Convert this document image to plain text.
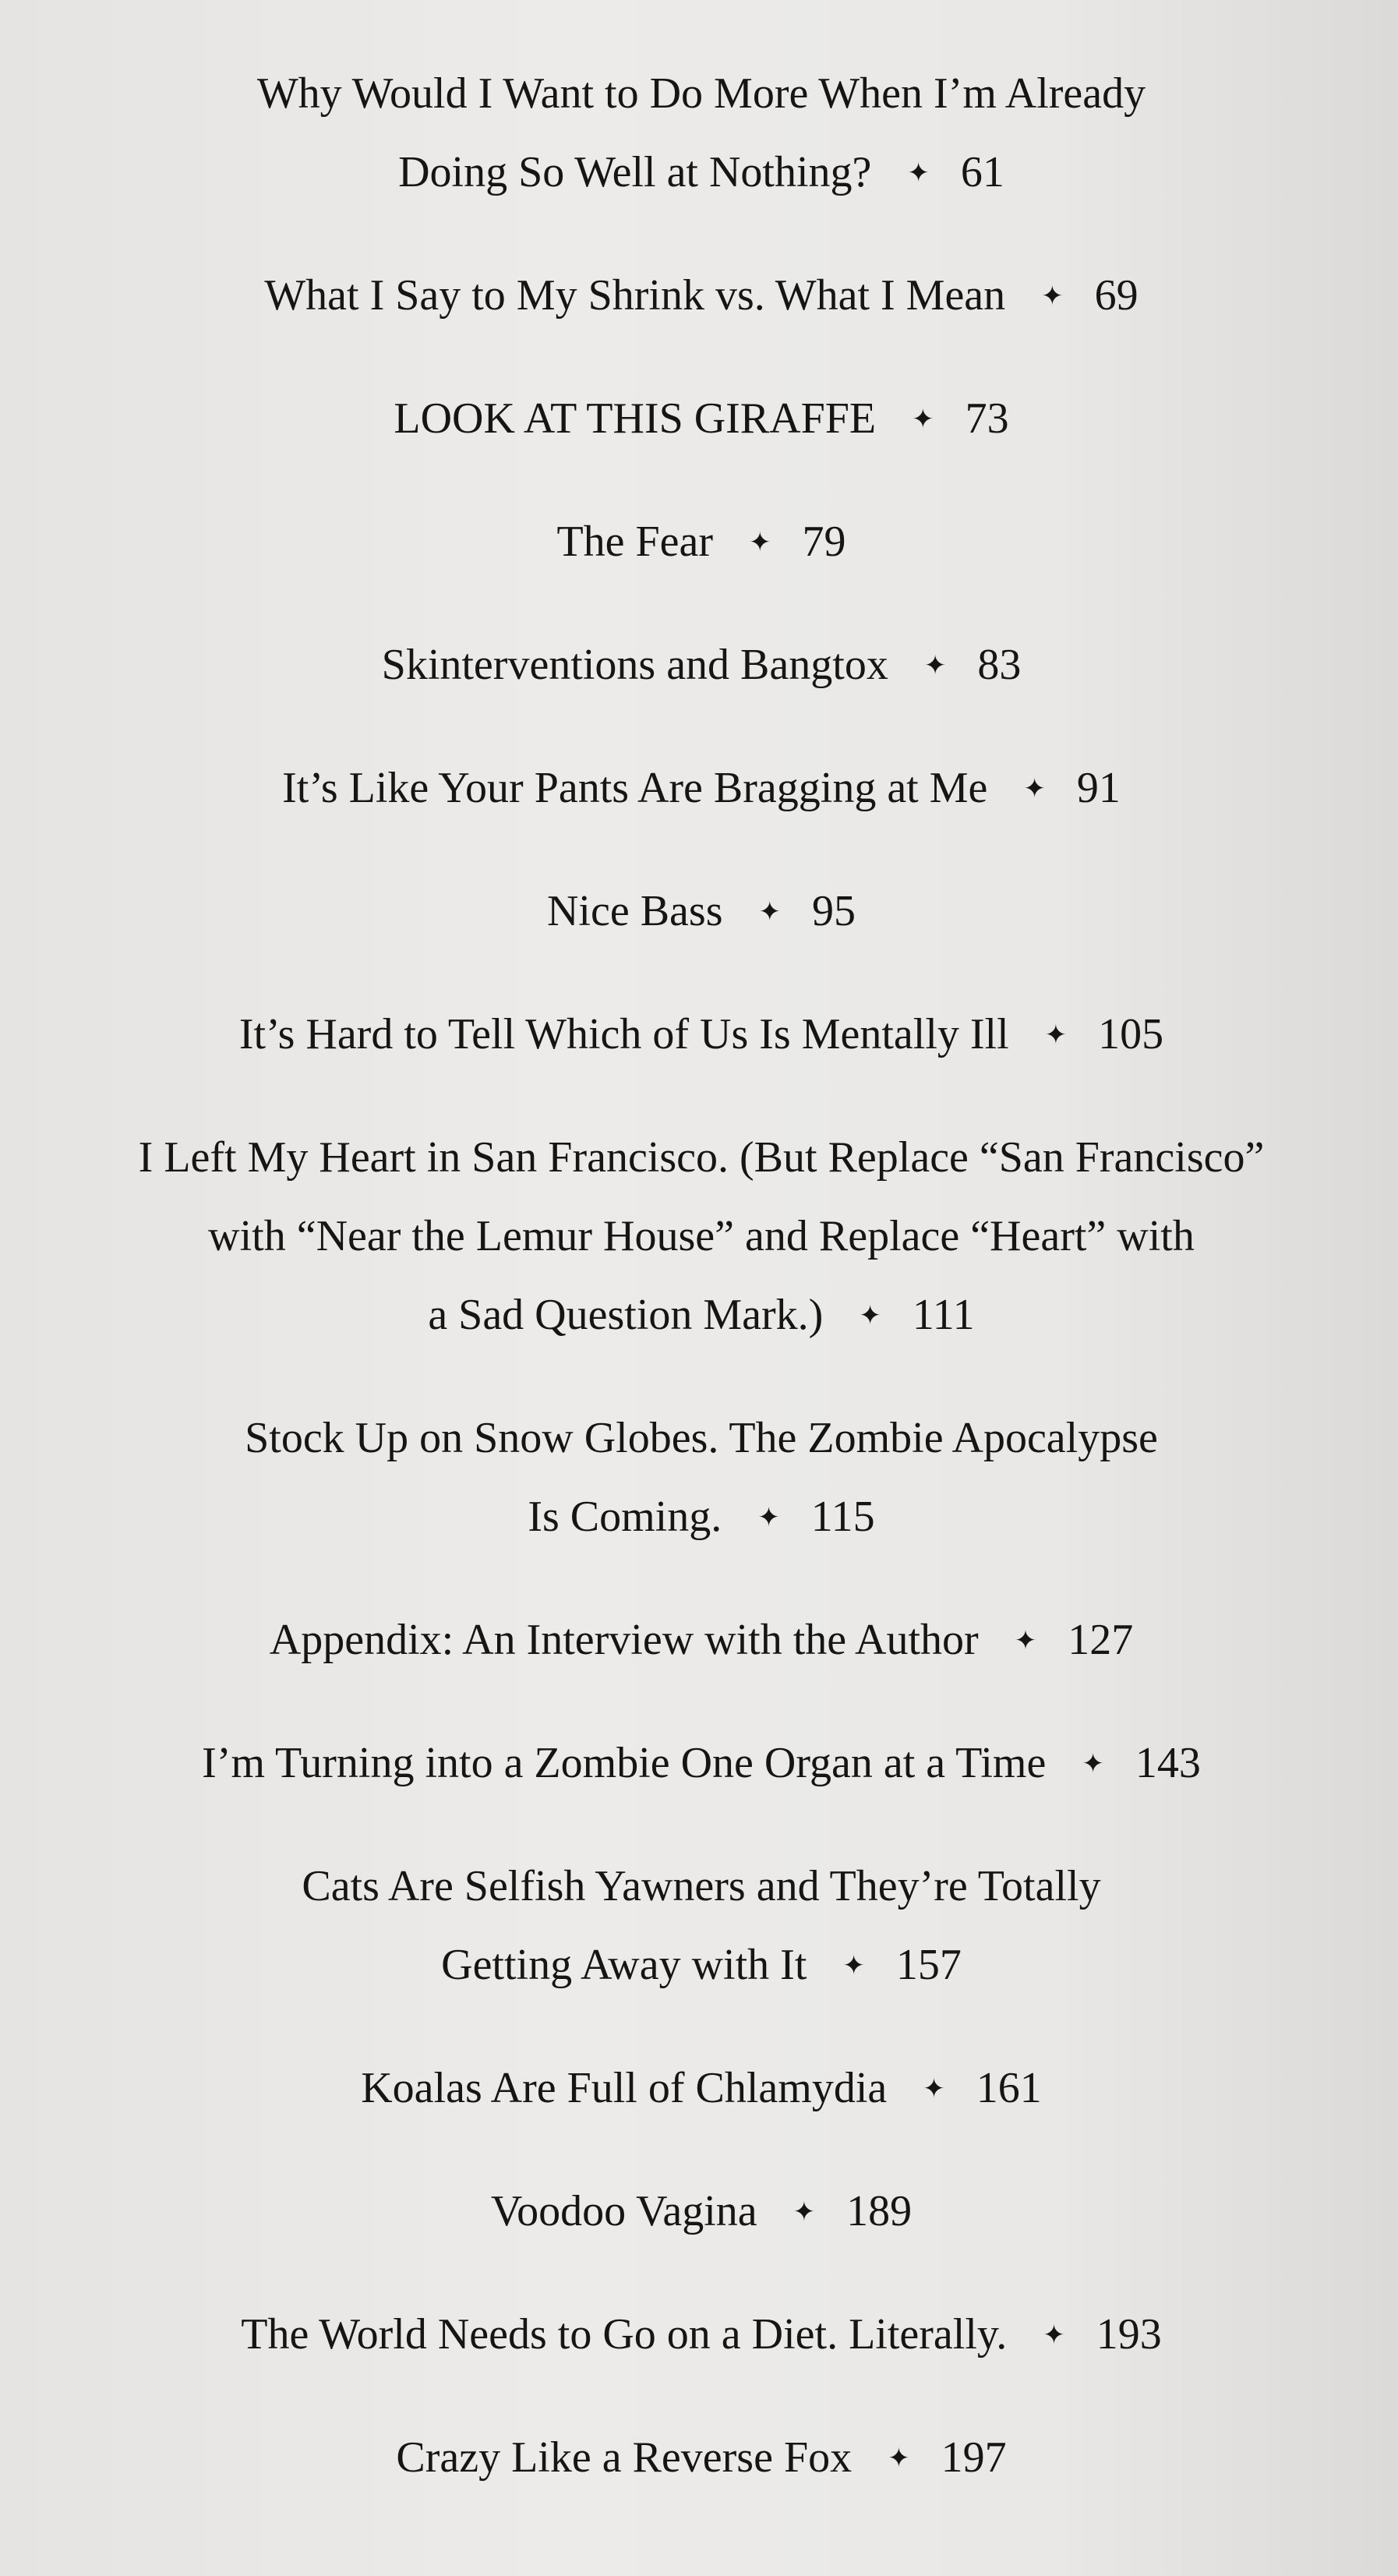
Why Would I Want to Do More When I’m Already
Doing So Well at Nothing? ✦ 61
What I Say to My Shrink vs. What I Mean ✦ 69
LOOK AT THIS GIRAFFE ✦ 73
The Fear ✦ 79
Skinterventions and Bangtox ✦ 83
It’s Like Your Pants Are Bragging at Me ✦ 91
Nice Bass ✦ 95
It’s Hard to Tell Which of Us Is Mentally Ill ✦ 105
I Left My Heart in San Francisco. (But Replace “San Francisco”
with “Near the Lemur House” and Replace “Heart” with
a Sad Question Mark.) ✦ 111
Stock Up on Snow Globes. The Zombie Apocalypse
Is Coming. ✦ 115
Appendix: An Interview with the Author ✦ 127
I’m Turning into a Zombie One Organ at a Time ✦ 143
Cats Are Selfish Yawners and They’re Totally
Getting Away with It ✦ 157
Koalas Are Full of Chlamydia ✦ 161
Voodoo Vagina ✦ 189
The World Needs to Go on a Diet. Literally. ✦ 193
Crazy Like a Reverse Fox ✦ 197
